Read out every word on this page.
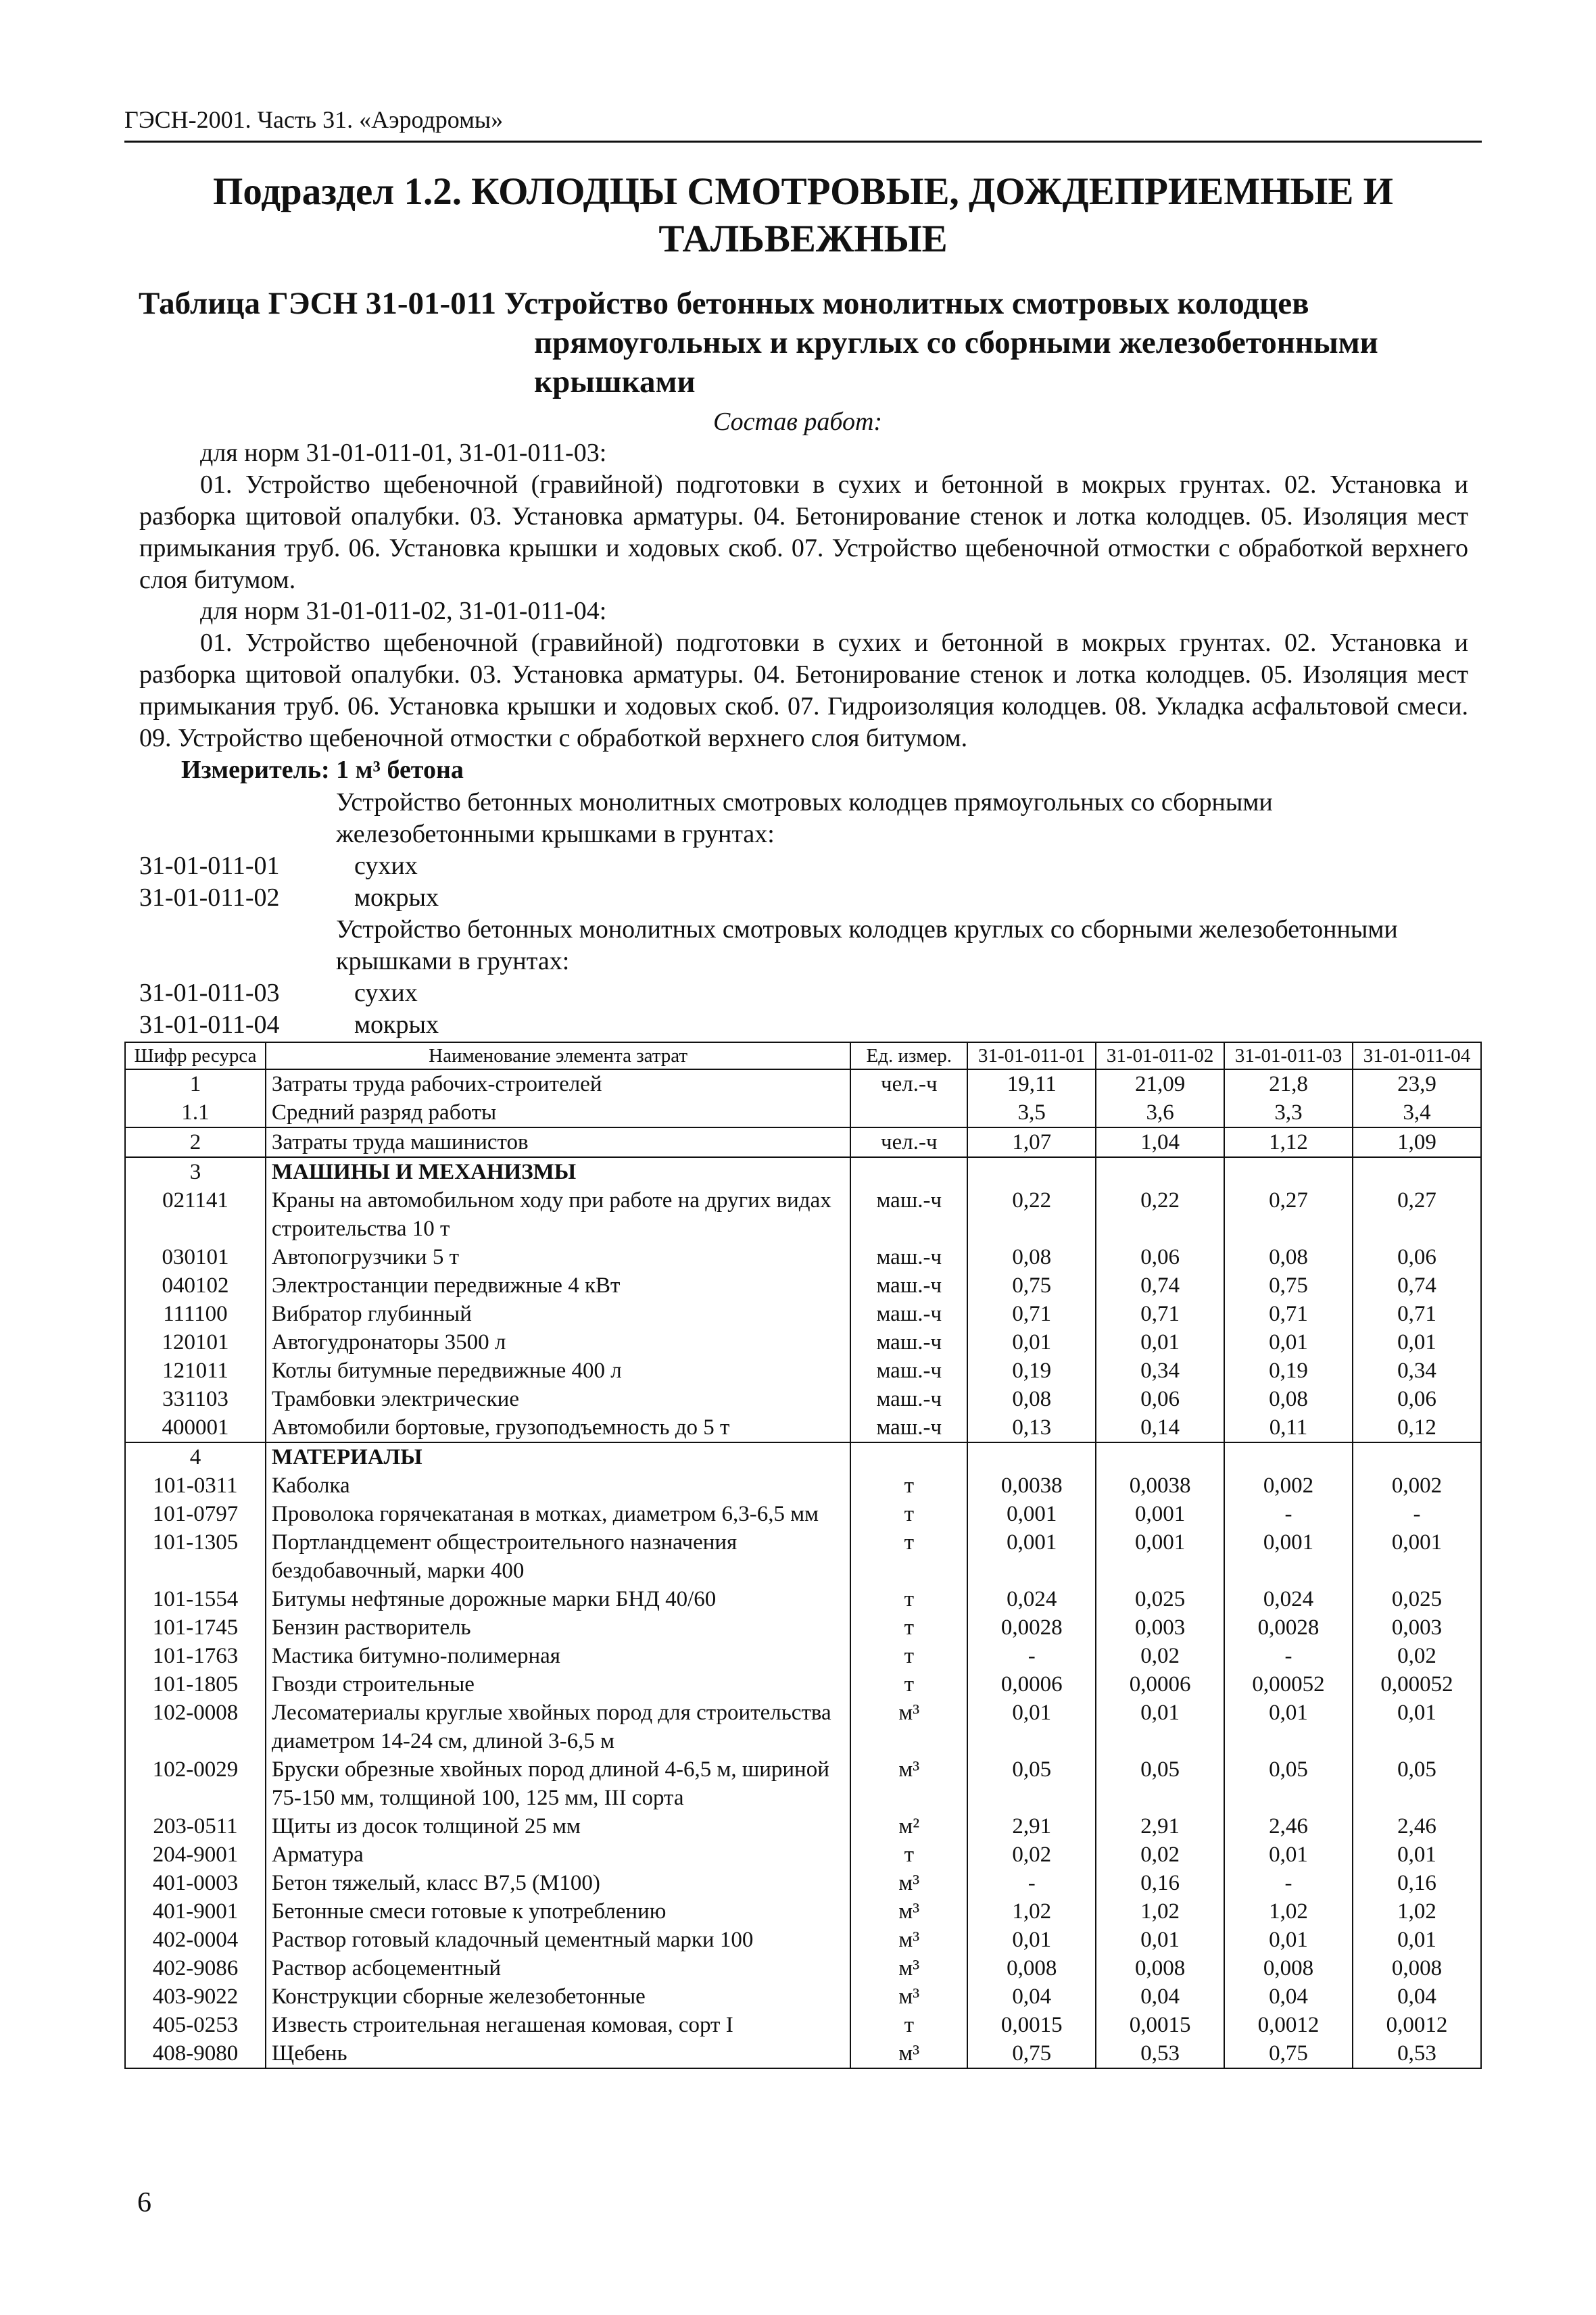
ГЭСН-2001. Часть 31. «Аэродромы»
Подраздел 1.2. КОЛОДЦЫ СМОТРОВЫЕ, ДОЖДЕПРИЕМНЫЕ И
ТАЛЬВЕЖНЫЕ
Таблица ГЭСН 31-01-011 Устройство бетонных монолитных смотровых колодцев
прямоугольных и круглых со сборными железобетонными
крышками
Состав работ:
для норм 31-01-011-01, 31-01-011-03:
01. Устройство щебеночной (гравийной) подготовки в сухих и бетонной в мокрых грунтах. 02. Установка и разборка щитовой опалубки. 03. Установка арматуры. 04. Бетонирование стенок и лотка колодцев. 05. Изоляция мест примыкания труб. 06. Установка крышки и ходовых скоб. 07. Устройство щебеночной отмостки с обработкой верхнего слоя битумом.
для норм 31-01-011-02, 31-01-011-04:
01. Устройство щебеночной (гравийной) подготовки в сухих и бетонной в мокрых грунтах. 02. Установка и разборка щитовой опалубки. 03. Установка арматуры. 04. Бетонирование стенок и лотка колодцев. 05. Изоляция мест примыкания труб. 06. Установка крышки и ходовых скоб. 07. Гидроизоляция колодцев. 08. Укладка асфальтовой смеси. 09. Устройство щебеночной отмостки с обработкой верхнего слоя битумом.
Измеритель: 1 м³ бетона
Устройство бетонных монолитных смотровых колодцев прямоугольных со сборными железобетонными крышками в грунтах:
31-01-011-01	сухих
31-01-011-02	мокрых
Устройство бетонных монолитных смотровых колодцев круглых со сборными железобетонными крышками в грунтах:
31-01-011-03	сухих
31-01-011-04	мокрых
Шифр ресурса	Наименование элемента затрат	Ед. измер.	31-01-011-01	31-01-011-02	31-01-011-03	31-01-011-04
1	Затраты труда рабочих-строителей	чел.-ч	19,11	21,09	21,8	23,9
1.1	Средний разряд работы		3,5	3,6	3,3	3,4
2	Затраты труда машинистов	чел.-ч	1,07	1,04	1,12	1,09
3	МАШИНЫ И МЕХАНИЗМЫ					
021141	Краны на автомобильном ходу при работе на других видах строительства 10 т	маш.-ч	0,22	0,22	0,27	0,27
030101	Автопогрузчики 5 т	маш.-ч	0,08	0,06	0,08	0,06
040102	Электростанции передвижные 4 кВт	маш.-ч	0,75	0,74	0,75	0,74
111100	Вибратор глубинный	маш.-ч	0,71	0,71	0,71	0,71
120101	Автогудронаторы 3500 л	маш.-ч	0,01	0,01	0,01	0,01
121011	Котлы битумные передвижные 400 л	маш.-ч	0,19	0,34	0,19	0,34
331103	Трамбовки электрические	маш.-ч	0,08	0,06	0,08	0,06
400001	Автомобили бортовые, грузоподъемность до 5 т	маш.-ч	0,13	0,14	0,11	0,12
4	МАТЕРИАЛЫ					
101-0311	Каболка	т	0,0038	0,0038	0,002	0,002
101-0797	Проволока горячекатаная в мотках, диаметром 6,3-6,5 мм	т	0,001	0,001	-	-
101-1305	Портландцемент общестроительного назначения бездобавочный, марки 400	т	0,001	0,001	0,001	0,001
101-1554	Битумы нефтяные дорожные марки БНД 40/60	т	0,024	0,025	0,024	0,025
101-1745	Бензин растворитель	т	0,0028	0,003	0,0028	0,003
101-1763	Мастика битумно-полимерная	т	-	0,02	-	0,02
101-1805	Гвозди строительные	т	0,0006	0,0006	0,00052	0,00052
102-0008	Лесоматериалы круглые хвойных пород для строительства диаметром 14-24 см, длиной 3-6,5 м	м³	0,01	0,01	0,01	0,01
102-0029	Бруски обрезные хвойных пород длиной 4-6,5 м, шириной 75-150 мм, толщиной 100, 125 мм, III сорта	м³	0,05	0,05	0,05	0,05
203-0511	Щиты из досок толщиной 25 мм	м²	2,91	2,91	2,46	2,46
204-9001	Арматура	т	0,02	0,02	0,01	0,01
401-0003	Бетон тяжелый, класс В7,5 (М100)	м³	-	0,16	-	0,16
401-9001	Бетонные смеси готовые к употреблению	м³	1,02	1,02	1,02	1,02
402-0004	Раствор готовый кладочный цементный марки 100	м³	0,01	0,01	0,01	0,01
402-9086	Раствор асбоцементный	м³	0,008	0,008	0,008	0,008
403-9022	Конструкции сборные железобетонные	м³	0,04	0,04	0,04	0,04
405-0253	Известь строительная негашеная комовая, сорт I	т	0,0015	0,0015	0,0012	0,0012
408-9080	Щебень	м³	0,75	0,53	0,75	0,53
6
